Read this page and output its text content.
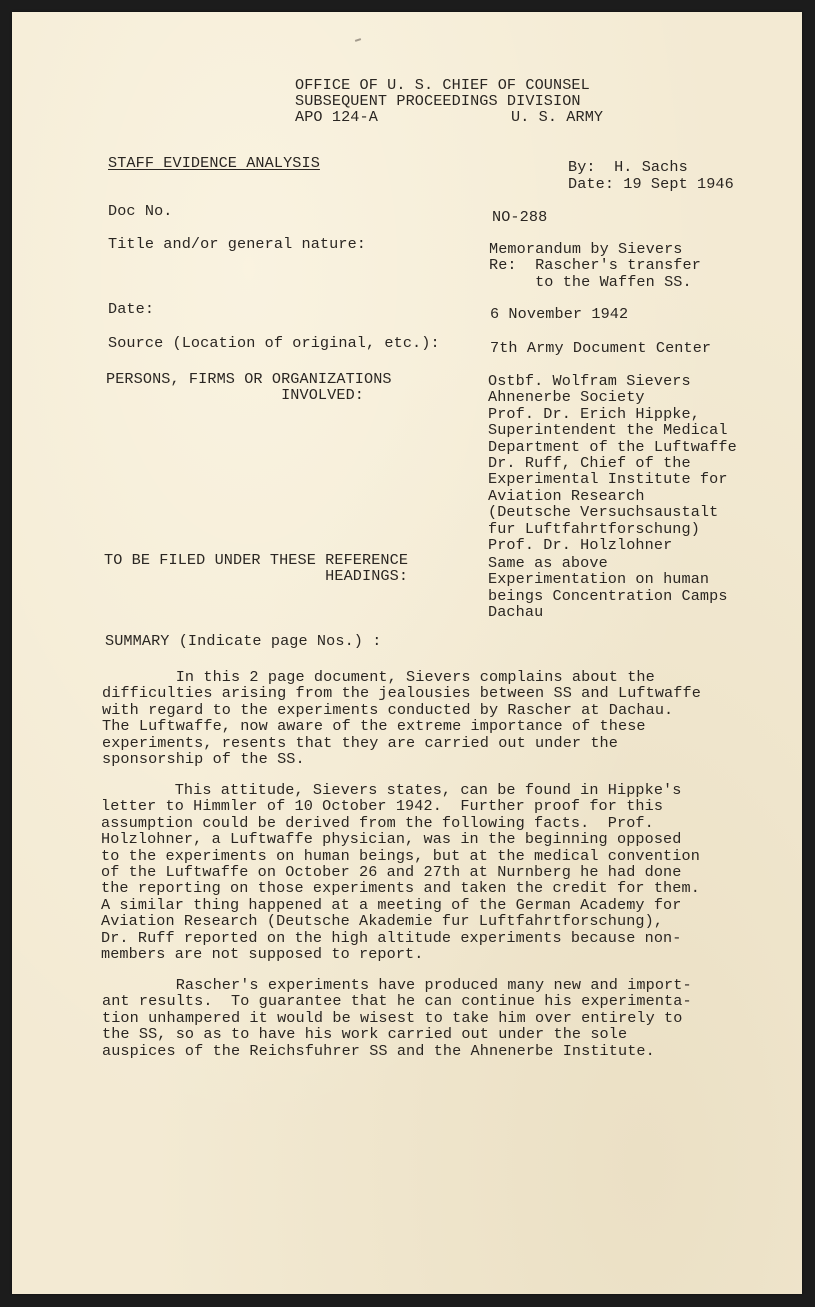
OFFICE OF U. S. CHIEF OF COUNSEL
SUBSEQUENT PROCEEDINGS DIVISION
APO 124-A	U. S. ARMY
STAFF EVIDENCE ANALYSIS	By:  H. Sachs
Date: 19 Sept 1946
Doc No.	NO-288
Title and/or general nature:	Memorandum by Sievers
Re:  Rascher's transfer
to the Waffen SS.
Date:	6 November 1942
Source (Location of original, etc.):	7th Army Document Center
PERSONS, FIRMS OR ORGANIZATIONS
INVOLVED:
Ostbf. Wolfram Sievers
Ahnenerbe Society
Prof. Dr. Erich Hippke,
Superintendent the Medical
Department of the Luftwaffe
Dr. Ruff, Chief of the
Experimental Institute for
Aviation Research
(Deutsche Versuchsaustalt
fur Luftfahrtforschung)
Prof. Dr. Holzlohner
TO BE FILED UNDER THESE REFERENCE
HEADINGS:
Same as above
Experimentation on human
beings Concentration Camps
Dachau
SUMMARY (Indicate page Nos.) :
In this 2 page document, Sievers complains about the
difficulties arising from the jealousies between SS and Luftwaffe
with regard to the experiments conducted by Rascher at Dachau.
The Luftwaffe, now aware of the extreme importance of these
experiments, resents that they are carried out under the
sponsorship of the SS.
This attitude, Sievers states, can be found in Hippke's
letter to Himmler of 10 October 1942.  Further proof for this
assumption could be derived from the following facts.  Prof.
Holzlohner, a Luftwaffe physician, was in the beginning opposed
to the experiments on human beings, but at the medical convention
of the Luftwaffe on October 26 and 27th at Nurnberg he had done
the reporting on those experiments and taken the credit for them.
A similar thing happened at a meeting of the German Academy for
Aviation Research (Deutsche Akademie fur Luftfahrtforschung),
Dr. Ruff reported on the high altitude experiments because non-
members are not supposed to report.
Rascher's experiments have produced many new and import-
ant results.  To guarantee that he can continue his experimenta-
tion unhampered it would be wisest to take him over entirely to
the SS, so as to have his work carried out under the sole
auspices of the Reichsfuhrer SS and the Ahnenerbe Institute.
